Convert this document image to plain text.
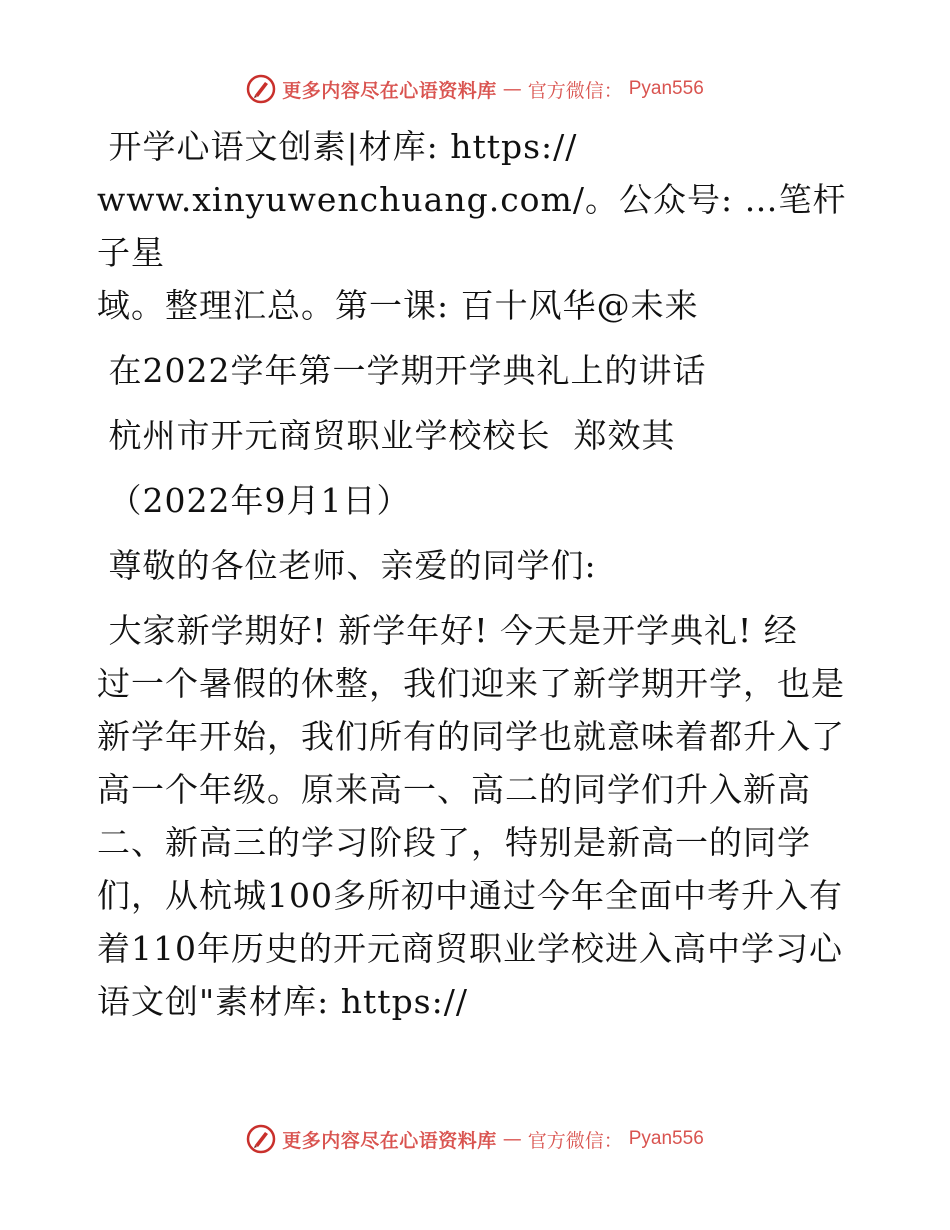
更多内容尽在心语资料库 — 官方微信： Pyan556

开学心语文创素|材库: https://
www.xinyuwenchuang.com/。公众号: …笔杆子星
域。整理汇总。第一课: 百十风华@未来

在2022学年第一学期开学典礼上的讲话

杭州市开元商贸职业学校校长  郑效其

（2022年9月1日）

尊敬的各位老师、亲爱的同学们:

大家新学期好! 新学年好! 今天是开学典礼! 经
过一个暑假的休整，我们迎来了新学期开学，也是
新学年开始，我们所有的同学也就意味着都升入了
高一个年级。原来高一、高二的同学们升入新高
二、新高三的学习阶段了，特别是新高一的同学
们，从杭城100多所初中通过今年全面中考升入有
着110年历史的开元商贸职业学校进入高中学习心
语文创"素材库: https://

更多内容尽在心语资料库 — 官方微信： Pyan556
